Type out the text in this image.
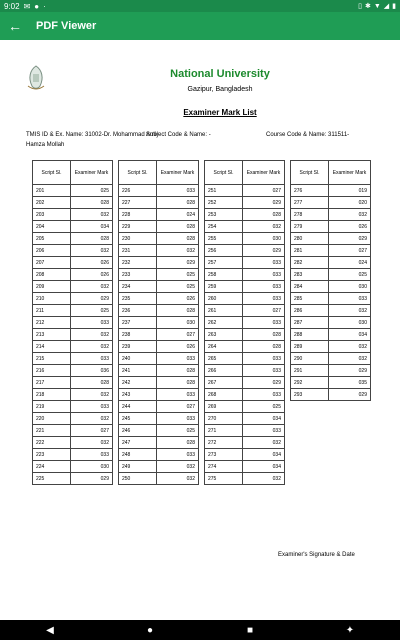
9:02 ✉ ● ·	▯ ✱ ▼ ◢ ▮
←	PDF Viewer
National University
Gazipur, Bangladesh
Examiner Mark List
TMIS ID & Ex. Name: 31002-Dr. Mohammad Amir Hamza Mollah
Subject Code & Name: -	Course Code & Name: 311511-
Script Sl.	Examiner Mark
201	025
202	028
203	032
204	034
205	028
206	032
207	026
208	026
209	032
210	029
211	025
212	033
213	032
214	032
215	033
216	036
217	028
218	032
219	033
220	032
221	027
222	032
223	033
224	030
225	029
Script Sl.	Examiner Mark
226	033
227	028
228	024
229	028
230	028
231	032
232	029
233	025
234	025
235	026
236	028
237	030
238	027
239	026
240	033
241	028
242	028
243	033
244	027
245	033
246	025
247	028
248	033
249	032
250	032
Script Sl.	Examiner Mark
251	027
252	029
253	028
254	032
255	030
256	029
257	033
258	033
259	033
260	033
261	027
262	033
263	028
264	028
265	033
266	033
267	029
268	033
269	025
270	034
271	033
272	032
273	034
274	034
275	032
Script Sl.	Examiner Mark
276	019
277	020
278	032
279	026
280	029
281	027
282	024
283	025
284	030
285	033
286	032
287	030
288	034
289	032
290	032
291	029
292	035
293	029
Examiner's Signature & Date
◀	●	■	✦
